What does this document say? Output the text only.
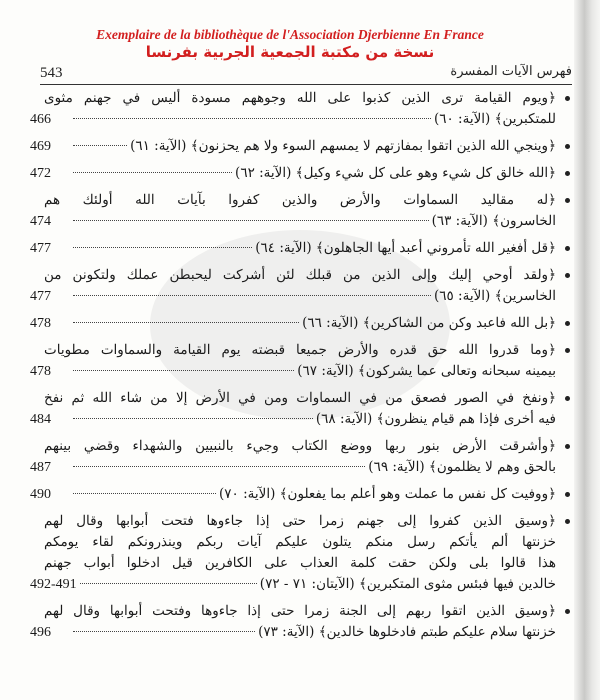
Exemplaire de la bibliothèque de l'Association Djerbienne En France
نسخة من مكتبة الجمعية الجربية بفرنسا
فهرس الآيات المفسرة
543
﴿ويوم القيامة ترى الذين كذبوا على الله وجوههم مسودة أليس في جهنم مثوى
للمتكبرين﴾ (الآية: ٦٠)
466
﴿وينجي الله الذين اتقوا بمفازتهم لا يمسهم السوء ولا هم يحزنون﴾ (الآية: ٦١)
469
﴿الله خالق كل شيء وهو على كل شيء وكيل﴾ (الآية: ٦٢)
472
﴿له مقاليد السماوات والأرض والذين كفروا بآيات الله أولئك هم
الخاسرون﴾ (الآية: ٦٣)
474
﴿قل أفغير الله تأمروني أعبد أيها الجاهلون﴾ (الآية: ٦٤)
477
﴿ولقد أوحي إليك وإلى الذين من قبلك لئن أشركت ليحبطن عملك ولتكونن من
الخاسرين﴾ (الآية: ٦٥)
477
﴿بل الله فاعبد وكن من الشاكرين﴾ (الآية: ٦٦)
478
﴿وما قدروا الله حق قدره والأرض جميعا قبضته يوم القيامة والسماوات مطويات
بيمينه سبحانه وتعالى عما يشركون﴾ (الآية: ٦٧)
478
﴿ونفخ في الصور فصعق من في السماوات ومن في الأرض إلا من شاء الله ثم نفخ
فيه أخرى فإذا هم قيام ينظرون﴾ (الآية: ٦٨)
484
﴿وأشرقت الأرض بنور ربها ووضع الكتاب وجيء بالنبيين والشهداء وقضي بينهم
بالحق وهم لا يظلمون﴾ (الآية: ٦٩)
487
﴿ووفيت كل نفس ما عملت وهو أعلم بما يفعلون﴾ (الآية: ٧٠)
490
﴿وسيق الذين كفروا إلى جهنم زمرا حتى إذا جاءوها فتحت أبوابها وقال لهم
خزنتها ألم يأتكم رسل منكم يتلون عليكم آيات ربكم وينذرونكم لقاء يومكم
هذا قالوا بلى ولكن حقت كلمة العذاب على الكافرين قيل ادخلوا أبواب جهنم
خالدين فيها فبئس مثوى المتكبرين﴾ (الآيتان: ٧١ - ٧٢)
492-491
﴿وسيق الذين اتقوا ربهم إلى الجنة زمرا حتى إذا جاءوها وفتحت أبوابها وقال لهم
خزنتها سلام عليكم طبتم فادخلوها خالدين﴾ (الآية: ٧٣)
496
